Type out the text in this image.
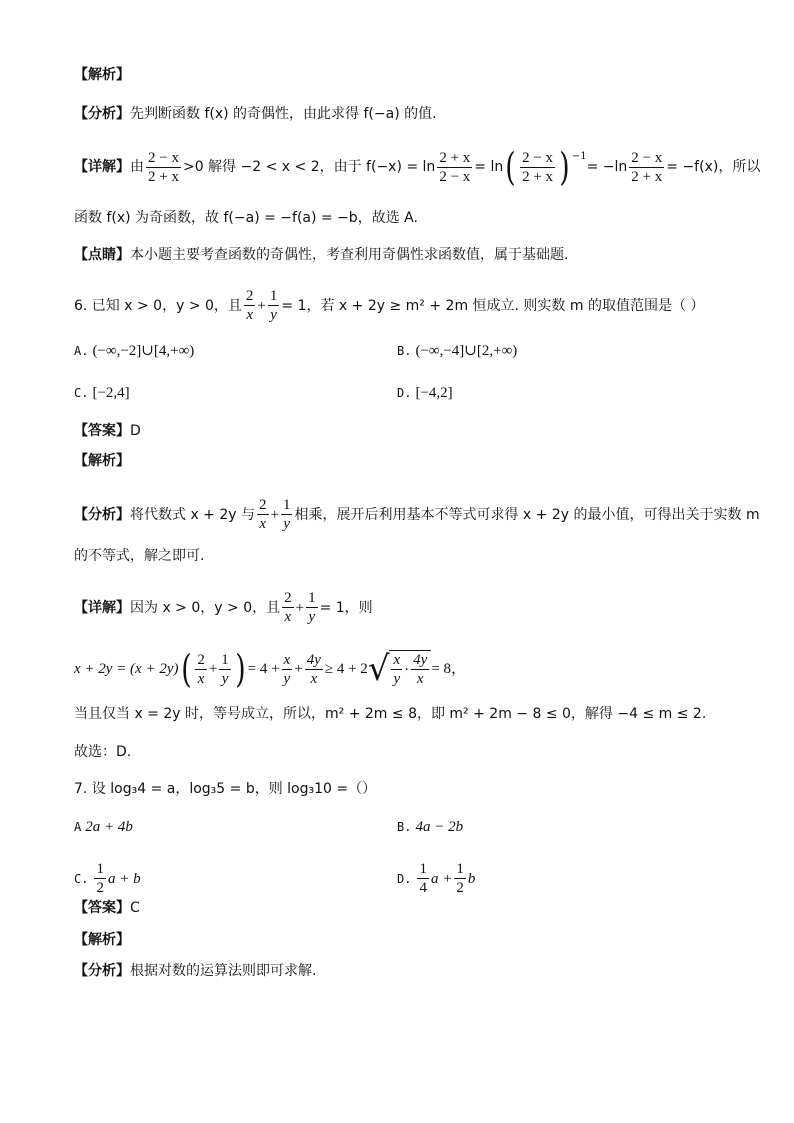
【解析】
【分析】 先判断函数 f(x) 的奇偶性，由此求得 f(−a) 的值.
【详解】 由 $\frac{2 - x}{2 + x} >0$ 解得 −2 < x < 2，由于 $f(-x) = \ln \frac{2 + x}{2 - x} = \ln$ ( $\frac{2 - x}{2 + x} )^{-1}$
= $-\ln \frac{2 - x}{2 + x} = -f(x)$，所以
函数 f(x) 为奇函数，故 f(−a) = −f(a) = −b，故选 A.
【点睛】 本小题主要考查函数的奇偶性，考查利用奇偶性求函数值，属于基础题.
6. 已知 x > 0，y > 0，且 $\frac{2}{x} + \frac{1}{y} = 1$，若 x + 2y ≥ m² + 2m 恒成立. 则实数 m 的取值范围是（ ）
A. (−∞,−2]∪[4,+∞)	B. (−∞,−4]∪[2,+∞)
C. [−2,4]	D. [−4,2]
【答案】 D
【解析】
【分析】 将代数式 x + 2y 与 $\frac{2}{x} + \frac{1}{y}$ 相乘，展开后利用基本不等式可求得 x + 2y 的最小值，可得出关于实数 m
的不等式，解之即可.
【详解】 因为 x > 0，y > 0，且 $\frac{2}{x} + \frac{1}{y} = 1$，则
x + 2y = (x + 2y) ( $\frac{2}{x} + \frac{1}{y}$ ) = $4 + \frac{x}{y} + \frac{4y}{x} \ge 4 + 2$ √ $\frac{x}{y} \cdot \frac{4y}{x} = 8$，
当且仅当 x = 2y 时，等号成立，所以，m² + 2m ≤ 8，即 m² + 2m − 8 ≤ 0，解得 −4 ≤ m ≤ 2.
故选：D.
7. 设 log₃4 = a，log₃5 = b，则 log₃10 =（）
A 2a + 4b	B. 4a − 2b
C. $\frac{1}{2}$ a + b	D. $\frac{1}{4}$ $a + \frac{1}{2}$ b
【答案】 C
【解析】
【分析】 根据对数的运算法则即可求解.
